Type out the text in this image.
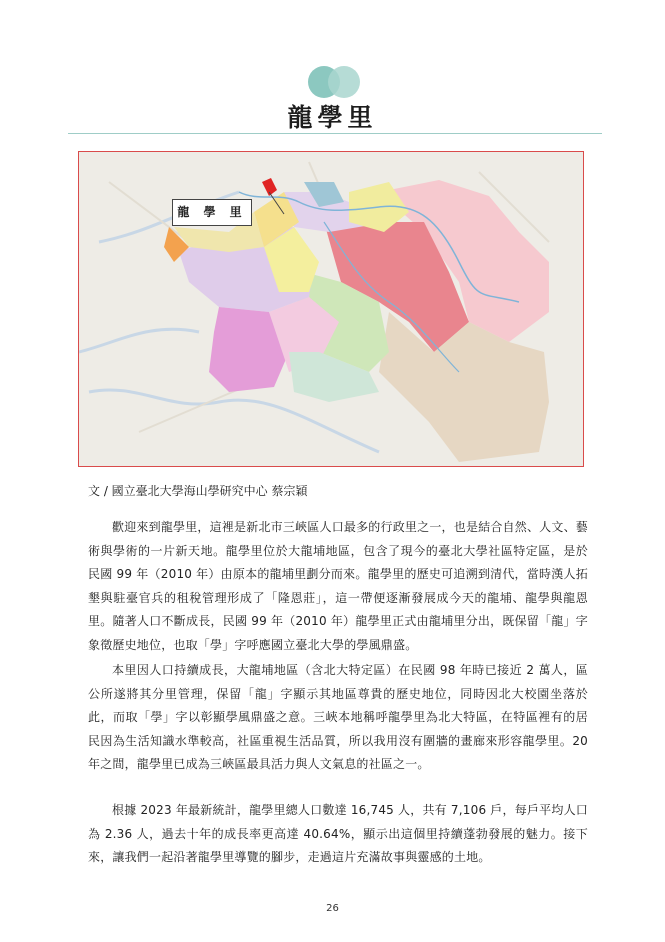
龍學里
龍 學 里

文 / 國立臺北大學海山學研究中心 蔡宗穎

歡迎來到龍學里，這裡是新北市三峽區人口最多的行政里之一，也是結合自然、人文、藝術與學術的一片新天地。龍學里位於大龍埔地區，包含了現今的臺北大學社區特定區，是於民國 99 年（2010 年）由原本的龍埔里劃分而來。龍學里的歷史可追溯到清代，當時漢人拓墾與駐臺官兵的租稅管理形成了「隆恩莊」，這一帶便逐漸發展成今天的龍埔、龍學與龍恩里。隨著人口不斷成長，民國 99 年（2010 年）龍學里正式由龍埔里分出，既保留「龍」字象徵歷史地位，也取「學」字呼應國立臺北大學的學風鼎盛。

本里因人口持續成長，大龍埔地區（含北大特定區）在民國 98 年時已接近 2 萬人，區公所遂將其分里管理，保留「龍」字顯示其地區尊貴的歷史地位，同時因北大校園坐落於此，而取「學」字以彰顯學風鼎盛之意。三峽本地稱呼龍學里為北大特區，在特區裡有的居民因為生活知識水準較高，社區重視生活品質，所以我用沒有圍牆的畫廊來形容龍學里。20 年之間，龍學里已成為三峽區最具活力與人文氣息的社區之一。

根據 2023 年最新統計，龍學里總人口數達 16,745 人，共有 7,106 戶，每戶平均人口為 2.36 人，過去十年的成長率更高達 40.64%，顯示出這個里持續蓬勃發展的魅力。接下來，讓我們一起沿著龍學里導覽的腳步，走過這片充滿故事與靈感的土地。

26
